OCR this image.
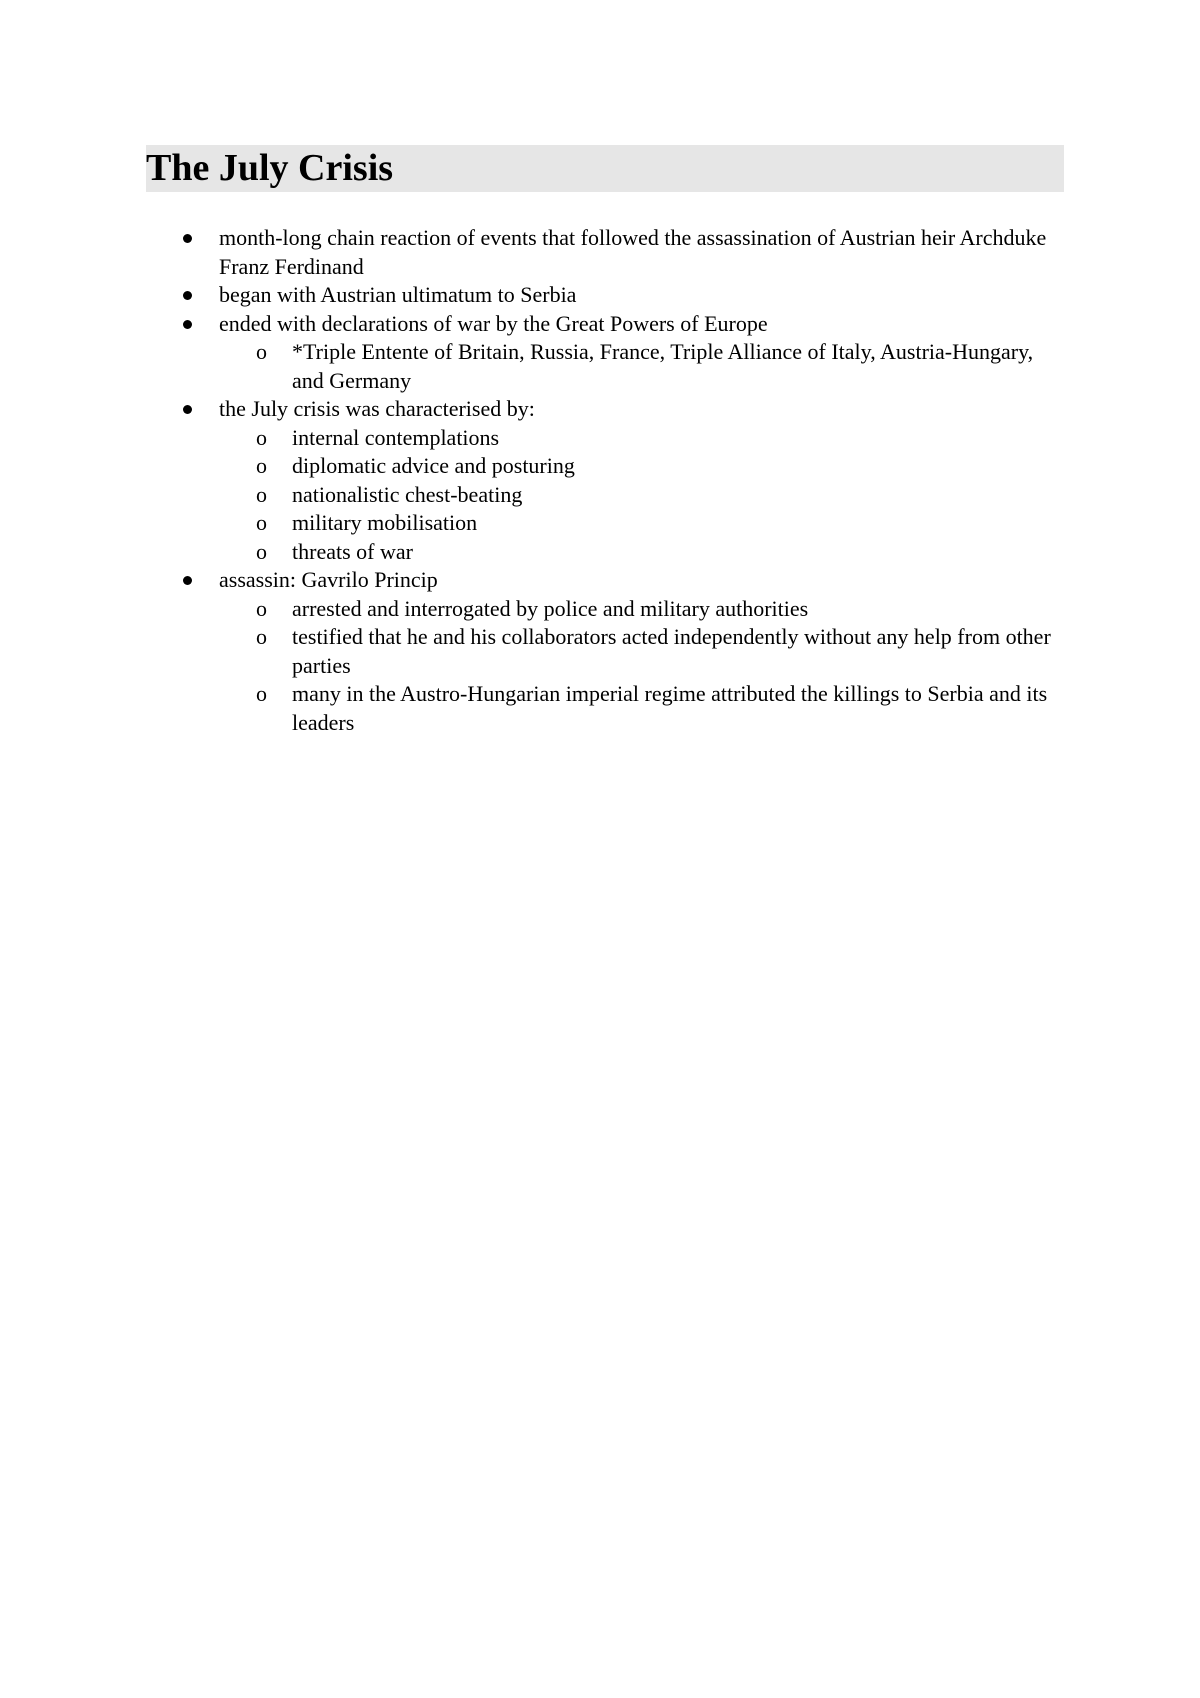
The July Crisis
month-long chain reaction of events that followed the assassination of Austrian heir Archduke Franz Ferdinand
began with Austrian ultimatum to Serbia
ended with declarations of war by the Great Powers of Europe
o *Triple Entente of Britain, Russia, France, Triple Alliance of Italy, Austria-Hungary, and Germany
the July crisis was characterised by:
o internal contemplations
o diplomatic advice and posturing
o nationalistic chest-beating
o military mobilisation
o threats of war
assassin: Gavrilo Princip
o arrested and interrogated by police and military authorities
o testified that he and his collaborators acted independently without any help from other parties
o many in the Austro-Hungarian imperial regime attributed the killings to Serbia and its leaders
